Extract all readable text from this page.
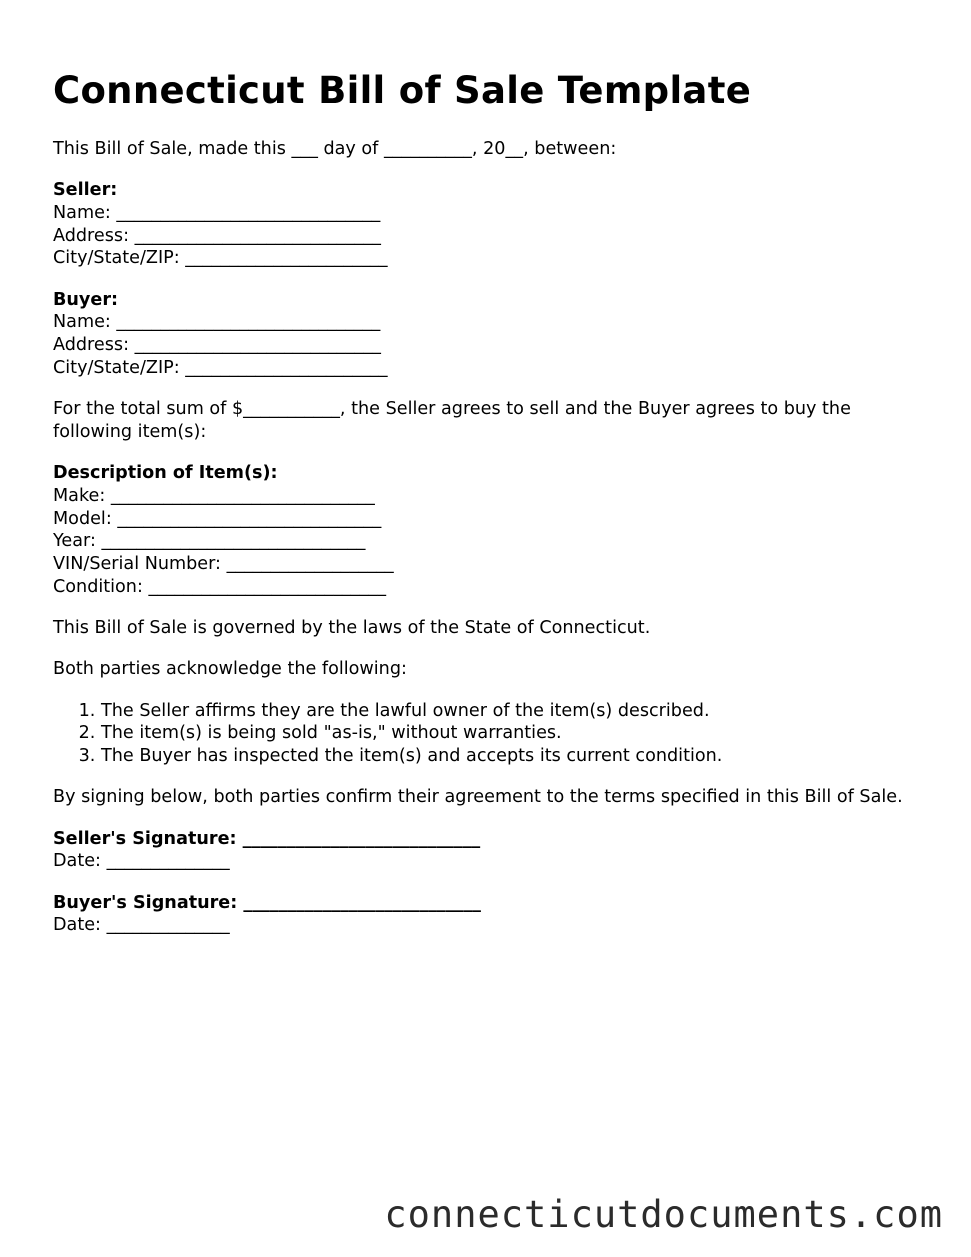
Connecticut Bill of Sale Template

This Bill of Sale, made this ___ day of __________, 20__, between:

Seller:
Name: ______________________________
Address: ____________________________
City/State/ZIP: _______________________
Buyer:
Name: ______________________________
Address: ____________________________
City/State/ZIP: _______________________

For the total sum of $___________, the Seller agrees to sell and the Buyer agrees to buy the following item(s):

Description of Item(s):
Make: ______________________________
Model: ______________________________
Year: ______________________________
VIN/Serial Number: ___________________
Condition: ___________________________

This Bill of Sale is governed by the laws of the State of Connecticut.

Both parties acknowledge the following:

1. The Seller affirms they are the lawful owner of the item(s) described.
2. The item(s) is being sold "as-is," without warranties.
3. The Buyer has inspected the item(s) and accepts its current condition.

By signing below, both parties confirm their agreement to the terms specified in this Bill of Sale.

Seller's Signature: ___________________________
Date: ______________
Buyer's Signature: ___________________________
Date: ______________
connecticutdocuments.com
